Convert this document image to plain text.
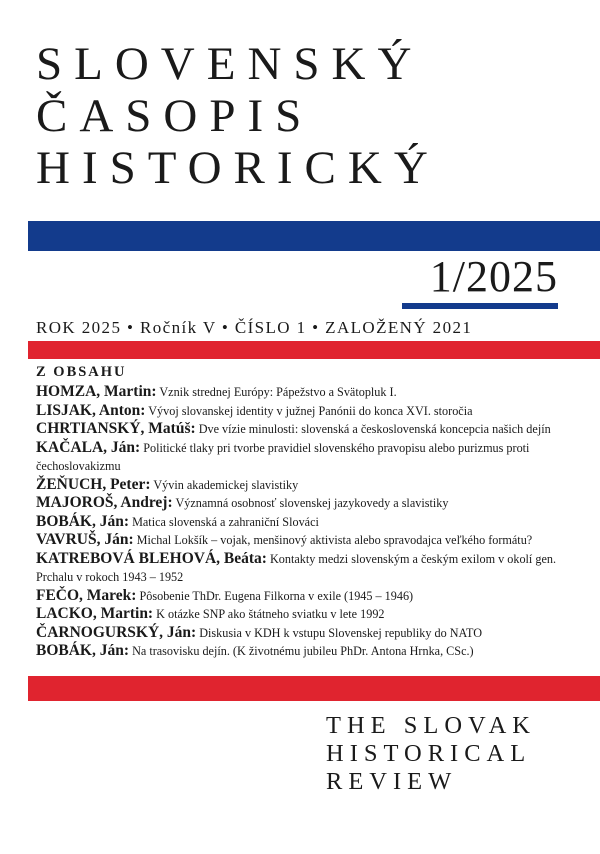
SLOVENSKÝ
ČASOPIS
HISTORICKÝ
1/2025
ROK 2025 • Ročník V • ČÍSLO 1 • ZALOŽENÝ 2021
Z OBSAHU
HOMZA, Martin: Vznik strednej Európy: Pápežstvo a Svätopluk I.
LISJAK, Anton: Vývoj slovanskej identity v južnej Panónii do konca XVI. storočia
CHRTIANSKÝ, Matúš: Dve vízie minulosti: slovenská a československá koncepcia našich dejín
KAČALA, Ján: Politické tlaky pri tvorbe pravidiel slovenského pravopisu alebo purizmus proti čechoslovakizmu
ŽEŇUCH, Peter: Vývin akademickej slavistiky
MAJOROŠ, Andrej: Významná osobnosť slovenskej jazykovedy a slavistiky
BOBÁK, Ján: Matica slovenská a zahraniční Slováci
VAVRUŠ, Ján: Michal Lokšík – vojak, menšinový aktivista alebo spravodajca veľkého formátu?
KATREBOVÁ BLEHOVÁ, Beáta: Kontakty medzi slovenským a českým exilom v okolí gen. Prchalu v rokoch 1943 – 1952
FEČO, Marek: Pôsobenie ThDr. Eugena Filkorna v exile (1945 – 1946)
LACKO, Martin: K otázke SNP ako štátneho sviatku v lete 1992
ČARNOGURSKÝ, Ján: Diskusia v KDH k vstupu Slovenskej republiky do NATO
BOBÁK, Ján: Na trasovisku dejín. (K životnému jubileu PhDr. Antona Hrnka, CSc.)
THE SLOVAK
HISTORICAL
REVIEW
